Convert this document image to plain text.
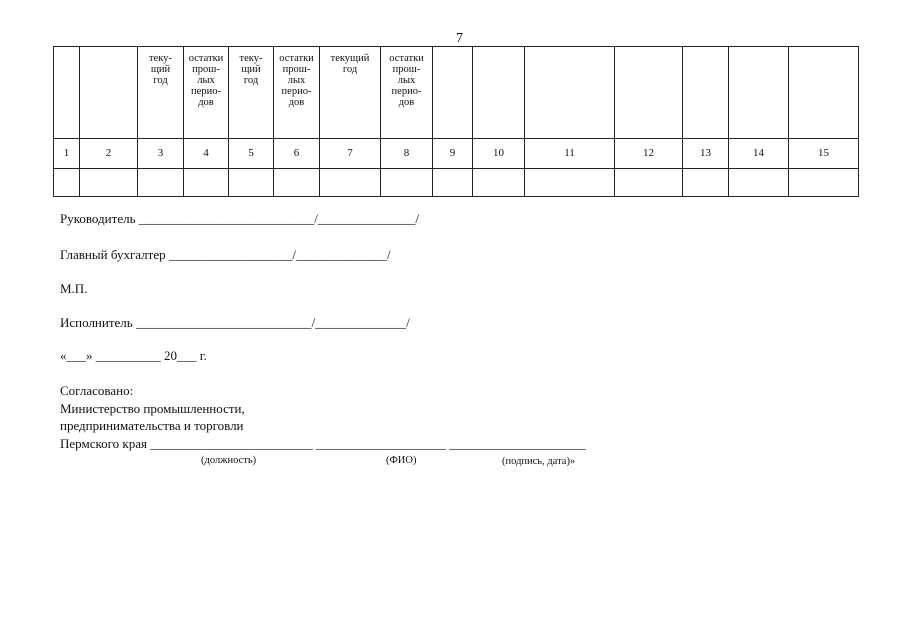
7
		теку-
щий
год	остатки
прош-
лых
перио-
дов	теку-
щий
год	остатки
прош-
лых
перио-
дов	текущий
год	остатки
прош-
лых
перио-
дов							
1	2	3	4	5	6	7	8	9	10	11	12	13	14	15

Руководитель ___________________________/_______________/
Главный бухгалтер ___________________/______________/
М.П.
Исполнитель ___________________________/______________/
«___» __________ 20___ г.
Согласовано:
Министерство промышленности,
предпринимательства и торговли
Пермского края _________________________ ____________________ _____________________
(должность)	(ФИО)	(подпись, дата)»
